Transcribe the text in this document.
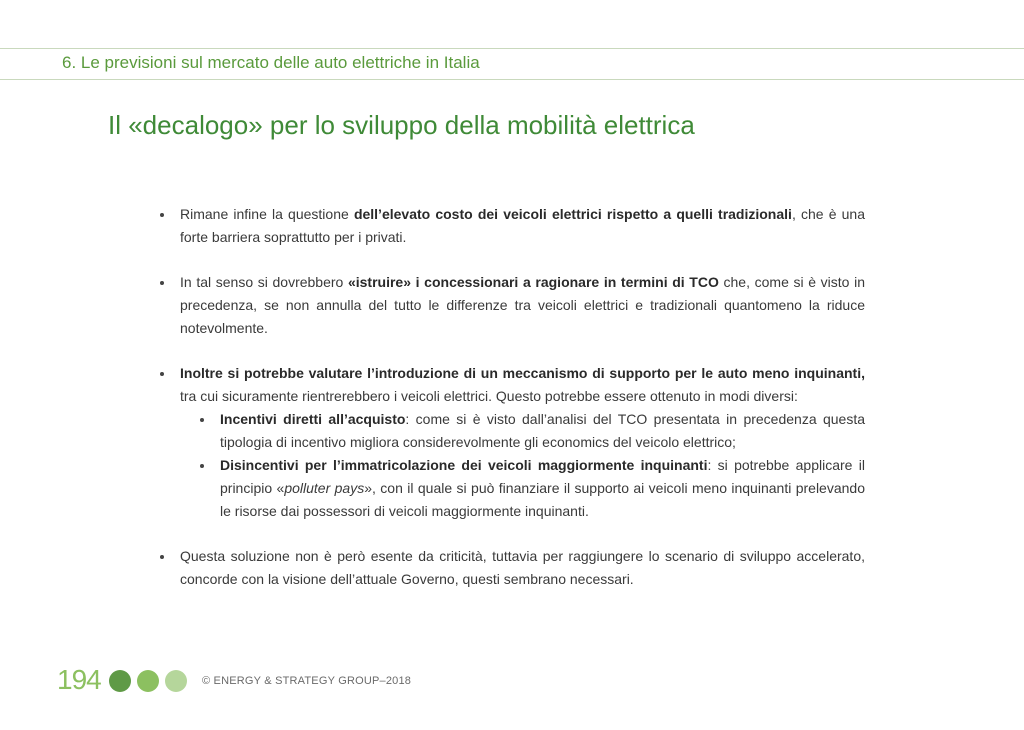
6. Le previsioni sul mercato delle auto elettriche in Italia
Il «decalogo» per lo sviluppo della mobilità elettrica
Rimane infine la questione dell’elevato costo dei veicoli elettrici rispetto a quelli tradizionali, che è una forte barriera soprattutto per i privati.
In tal senso si dovrebbero «istruire» i concessionari a ragionare in termini di TCO che, come si è visto in precedenza, se non annulla del tutto le differenze tra veicoli elettrici e tradizionali quantomeno la riduce notevolmente.
Inoltre si potrebbe valutare l’introduzione di un meccanismo di supporto per le auto meno inquinanti, tra cui sicuramente rientrerebbero i veicoli elettrici. Questo potrebbe essere ottenuto in modi diversi:
Incentivi diretti all’acquisto: come si è visto dall’analisi del TCO presentata in precedenza questa tipologia di incentivo migliora considerevolmente gli economics del veicolo elettrico;
Disincentivi per l’immatricolazione dei veicoli maggiormente inquinanti: si potrebbe applicare il principio «polluter pays», con il quale si può finanziare il supporto ai veicoli meno inquinanti prelevando le risorse dai possessori di veicoli maggiormente inquinanti.
Questa soluzione non è però esente da criticità, tuttavia per raggiungere lo scenario di sviluppo accelerato, concorde con la visione dell’attuale Governo, questi sembrano necessari.
194	© ENERGY & STRATEGY GROUP–2018
